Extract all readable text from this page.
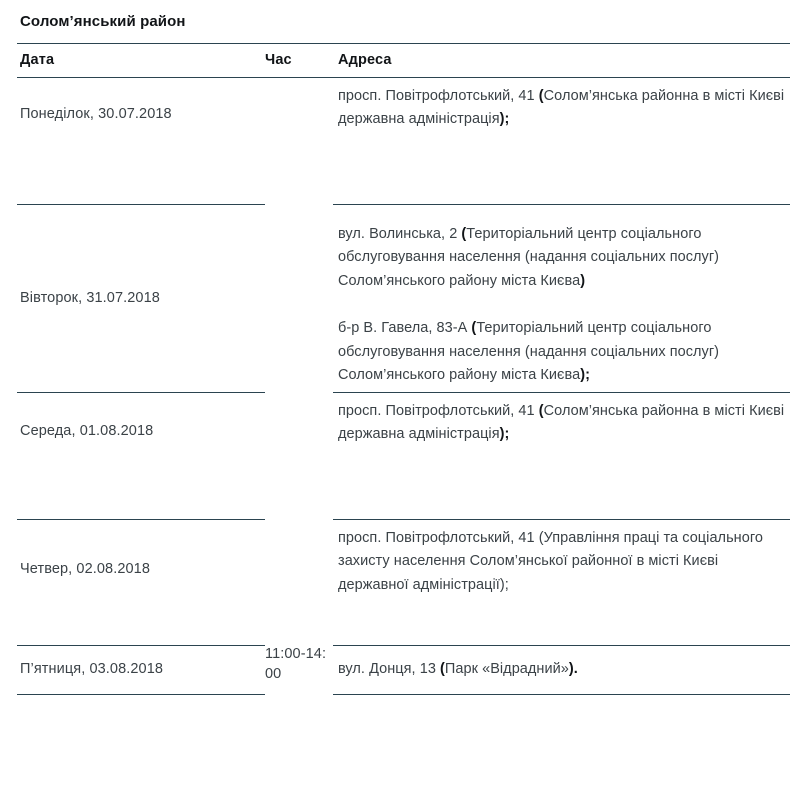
Солом’янський район
Дата	Час	Адреса
Понеділок, 30.07.2018	11:00-14:00	просп. Повітрофлотський, 41 (Солом’янська районна в місті Києві державна адміністрація);

Вівторок, 31.07.2018		вул. Волинська, 2 (Територіальний центр соціального обслуговування населення (надання соціальних послуг) Солом’янського району міста Києва)
б-р В. Гавела, 83-А (Територіальний центр соціального обслуговування населення (надання соціальних послуг) Солом’янського району міста Києва);

Середа, 01.08.2018		просп. Повітрофлотський, 41 (Солом’янська районна в місті Києві державна адміністрація);

Четвер, 02.08.2018		просп. Повітрофлотський, 41 (Управління праці та соціального захисту населення Солом’янської районної в місті Києві державної адміністрації);

П’ятниця, 03.08.2018		вул. Донця, 13 (Парк «Відрадний»).
